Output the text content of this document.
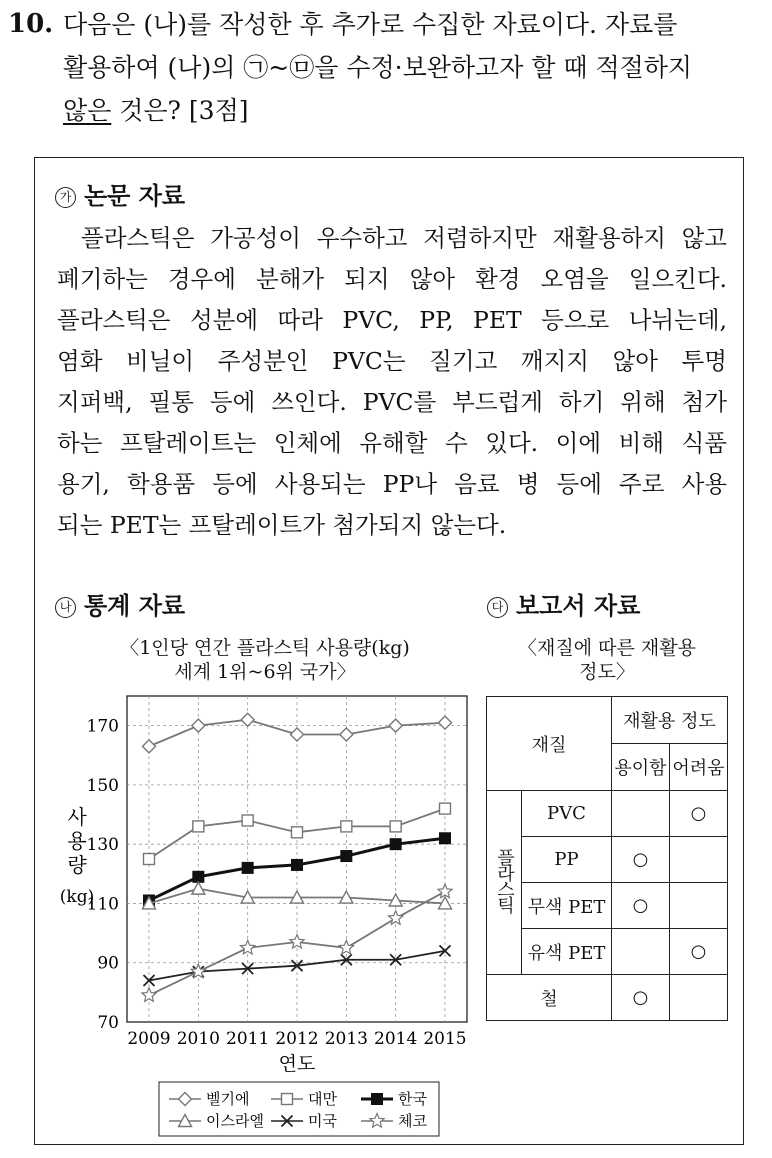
10. 다음은 (나)를 작성한 후 추가로 수집한 자료이다. 자료를
활용하여 (나)의 ㉠~㉤을 수정·보완하고자 할 때 적절하지
않은 것은? [3점]
가 논문 자료
플라스틱은 가공성이 우수하고 저렴하지만 재활용하지 않고
폐기하는 경우에 분해가 되지 않아 환경 오염을 일으킨다.
플라스틱은 성분에 따라 PVC, PP, PET 등으로 나뉘는데,
염화 비닐이 주성분인 PVC는 질기고 깨지지 않아 투명
지퍼백, 필통 등에 쓰인다. PVC를 부드럽게 하기 위해 첨가
하는 프탈레이트는 인체에 유해할 수 있다. 이에 비해 식품
용기, 학용품 등에 사용되는 PP나 음료 병 등에 주로 사용
되는 PET는 프탈레이트가 첨가되지 않는다.
나 통계 자료
〈1인당 연간 플라스틱 사용량(kg)
세계 1위~6위 국가〉
70
90
110
130
150
170
2009 2010 2011 2012 2013 2014 2015
연도
사
용
량
(kg)
벨기에	대만	한국
이스라엘	미국	체코
다 보고서 자료
〈재질에 따른 재활용
정도〉
재질		재활용 정도	
		용이함	어려움
플라스틱	PVC		○
	PP	○	
	무색 PET	○	
	유색 PET		○
철		○	
